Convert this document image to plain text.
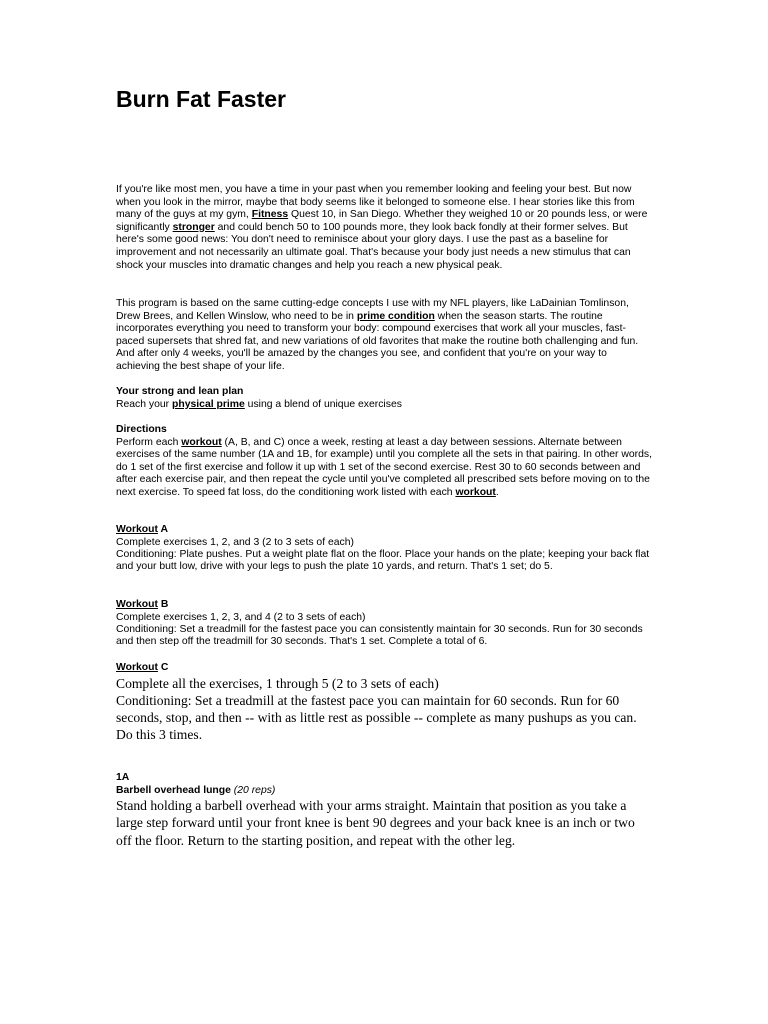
Burn Fat Faster

If you're like most men, you have a time in your past when you remember looking and feeling your best. But now when you look in the mirror, maybe that body seems like it belonged to someone else. I hear stories like this from many of the guys at my gym, Fitness Quest 10, in San Diego. Whether they weighed 10 or 20 pounds less, or were significantly stronger and could bench 50 to 100 pounds more, they look back fondly at their former selves. But here's some good news: You don't need to reminisce about your glory days. I use the past as a baseline for improvement and not necessarily an ultimate goal. That's because your body just needs a new stimulus that can shock your muscles into dramatic changes and help you reach a new physical peak.

This program is based on the same cutting-edge concepts I use with my NFL players, like LaDainian Tomlinson, Drew Brees, and Kellen Winslow, who need to be in prime condition when the season starts. The routine incorporates everything you need to transform your body: compound exercises that work all your muscles, fast-paced supersets that shred fat, and new variations of old favorites that make the routine both challenging and fun. And after only 4 weeks, you'll be amazed by the changes you see, and confident that you're on your way to achieving the best shape of your life.

Your strong and lean plan

Reach your physical prime using a blend of unique exercises

Directions

Perform each workout (A, B, and C) once a week, resting at least a day between sessions. Alternate between exercises of the same number (1A and 1B, for example) until you complete all the sets in that pairing. In other words, do 1 set of the first exercise and follow it up with 1 set of the second exercise. Rest 30 to 60 seconds between and after each exercise pair, and then repeat the cycle until you've completed all prescribed sets before moving on to the next exercise. To speed fat loss, do the conditioning work listed with each workout.

Workout A

Complete exercises 1, 2, and 3 (2 to 3 sets of each)

Conditioning: Plate pushes. Put a weight plate flat on the floor. Place your hands on the plate; keeping your back flat and your butt low, drive with your legs to push the plate 10 yards, and return. That's 1 set; do 5.

Workout B

Complete exercises 1, 2, 3, and 4 (2 to 3 sets of each)

Conditioning: Set a treadmill for the fastest pace you can consistently maintain for 30 seconds. Run for 30 seconds and then step off the treadmill for 30 seconds. That's 1 set. Complete a total of 6.

Workout C

Complete all the exercises, 1 through 5 (2 to 3 sets of each)

Conditioning: Set a treadmill at the fastest pace you can maintain for 60 seconds. Run for 60 seconds, stop, and then -- with as little rest as possible -- complete as many pushups as you can. Do this 3 times.

1A

Barbell overhead lunge (20 reps)

Stand holding a barbell overhead with your arms straight. Maintain that position as you take a large step forward until your front knee is bent 90 degrees and your back knee is an inch or two off the floor. Return to the starting position, and repeat with the other leg.
